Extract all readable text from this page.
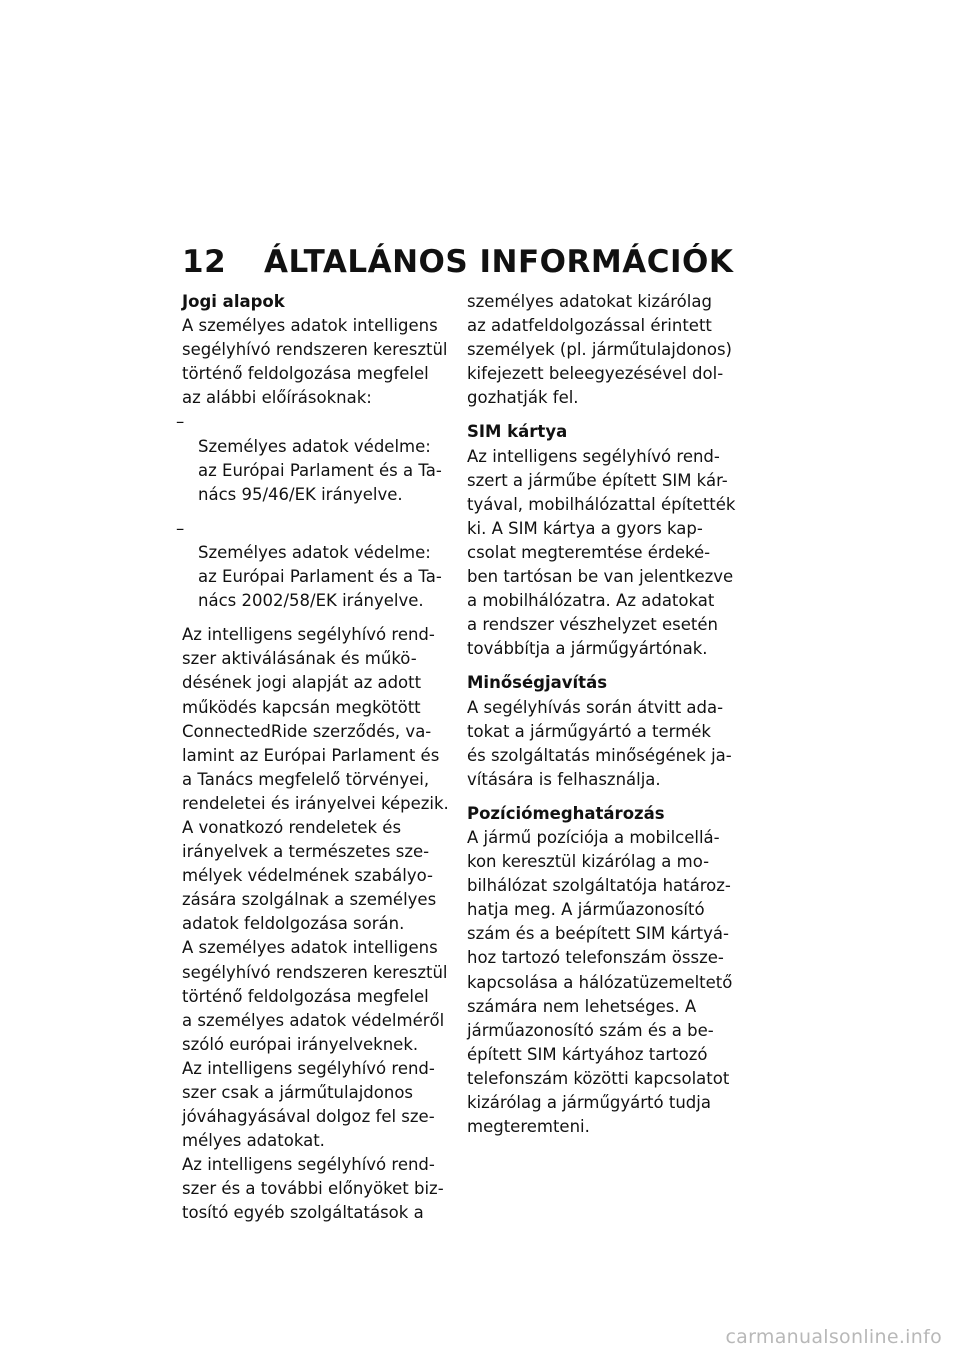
12 ÁLTALÁNOS INFORMÁCIÓK
Jogi alapok

A személyes adatok intelligens
segélyhívó rendszeren keresztül
történő feldolgozása megfelel
az alábbi előírásoknak:

–
Személyes adatok védelme:
az Európai Parlament és a Ta-
nács 95/46/EK irányelve.

–
Személyes adatok védelme:
az Európai Parlament és a Ta-
nács 2002/58/EK irányelve.

Az intelligens segélyhívó rend-
szer aktiválásának és műkö-
désének jogi alapját az adott
működés kapcsán megkötött
ConnectedRide szerződés, va-
lamint az Európai Parlament és
a Tanács megfelelő törvényei,
rendeletei és irányelvei képezik.

A vonatkozó rendeletek és
irányelvek a természetes sze-
mélyek védelmének szabályo-
zására szolgálnak a személyes
adatok feldolgozása során.

A személyes adatok intelligens
segélyhívó rendszeren keresztül
történő feldolgozása megfelel
a személyes adatok védelméről
szóló európai irányelveknek.

Az intelligens segélyhívó rend-
szer csak a járműtulajdonos
jóváhagyásával dolgoz fel sze-
mélyes adatokat.

Az intelligens segélyhívó rend-
szer és a további előnyöket biz-
tosító egyéb szolgáltatások a

személyes adatokat kizárólag
az adatfeldolgozással érintett
személyek (pl. járműtulajdonos)
kifejezett beleegyezésével dol-
gozhatják fel.

SIM kártya

Az intelligens segélyhívó rend-
szert a járműbe épített SIM kár-
tyával, mobilhálózattal építették
ki. A SIM kártya a gyors kap-
csolat megteremtése érdeké-
ben tartósan be van jelentkezve
a mobilhálózatra. Az adatokat
a rendszer vészhelyzet esetén
továbbítja a járműgyártónak.

Minőségjavítás

A segélyhívás során átvitt ada-
tokat a járműgyártó a termék
és szolgáltatás minőségének ja-
vítására is felhasználja.

Pozíciómeghatározás

A jármű pozíciója a mobilcellá-
kon keresztül kizárólag a mo-
bilhálózat szolgáltatója határoz-
hatja meg. A járműazonosító
szám és a beépített SIM kártyá-
hoz tartozó telefonszám össze-
kapcsolása a hálózatüzemeltető
számára nem lehetséges. A
járműazonosító szám és a be-
épített SIM kártyához tartozó
telefonszám közötti kapcsolatot
kizárólag a járműgyártó tudja
megteremteni.

carmanualsonline.info
